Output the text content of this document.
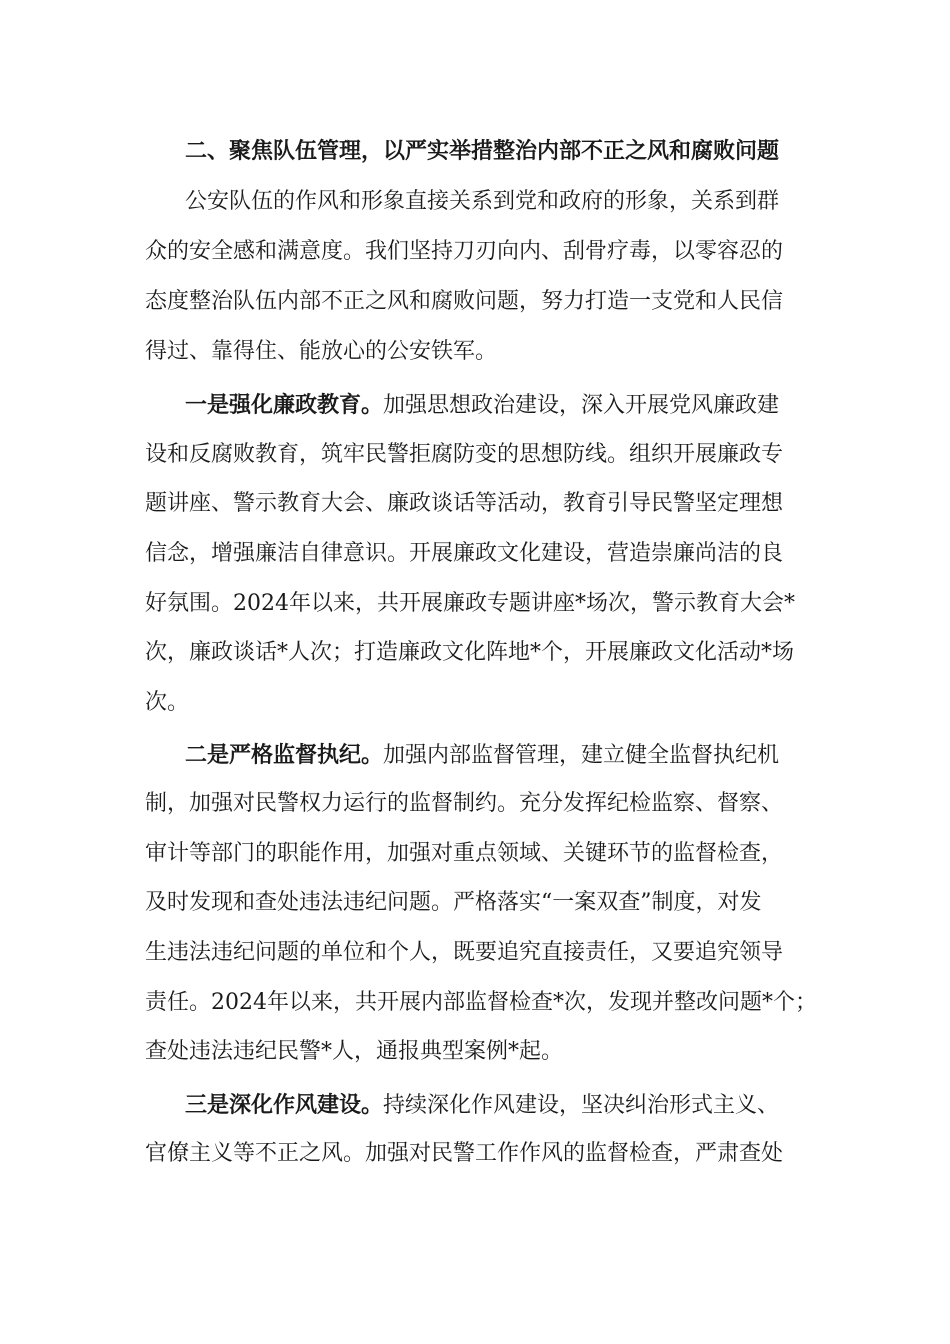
二、聚焦队伍管理，以严实举措整治内部不正之风和腐败问题
公安队伍的作风和形象直接关系到党和政府的形象，关系到群
众的安全感和满意度。我们坚持刀刃向内、刮骨疗毒，以零容忍的
态度整治队伍内部不正之风和腐败问题，努力打造一支党和人民信
得过、靠得住、能放心的公安铁军。
一是强化廉政教育。加强思想政治建设，深入开展党风廉政建
设和反腐败教育，筑牢民警拒腐防变的思想防线。组织开展廉政专
题讲座、警示教育大会、廉政谈话等活动，教育引导民警坚定理想
信念，增强廉洁自律意识。开展廉政文化建设，营造崇廉尚洁的良
好氛围。2024年以来，共开展廉政专题讲座*场次，警示教育大会*
次，廉政谈话*人次；打造廉政文化阵地*个，开展廉政文化活动*场
次。
二是严格监督执纪。加强内部监督管理，建立健全监督执纪机
制，加强对民警权力运行的监督制约。充分发挥纪检监察、督察、
审计等部门的职能作用，加强对重点领域、关键环节的监督检查，
及时发现和查处违法违纪问题。严格落实“一案双查”制度，对发
生违法违纪问题的单位和个人，既要追究直接责任，又要追究领导
责任。2024年以来，共开展内部监督检查*次，发现并整改问题*个；
查处违法违纪民警*人，通报典型案例*起。
三是深化作风建设。持续深化作风建设，坚决纠治形式主义、
官僚主义等不正之风。加强对民警工作作风的监督检查，严肃查处
